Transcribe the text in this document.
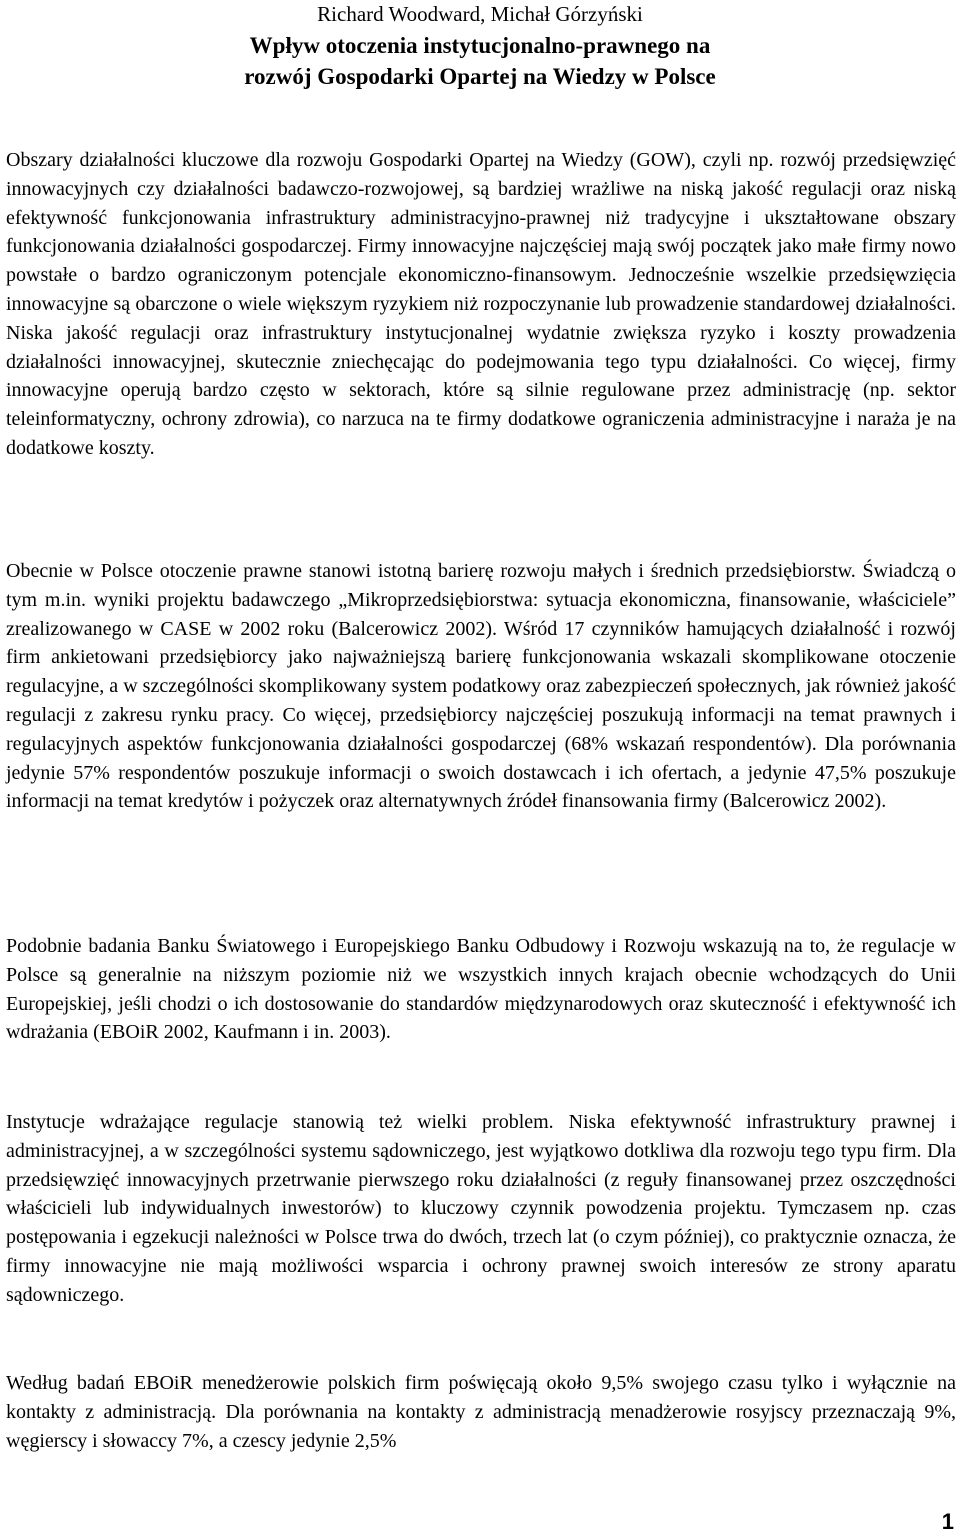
Richard Woodward, Michał Górzyński
Wpływ otoczenia instytucjonalno-prawnego na
rozwój Gospodarki Opartej na Wiedzy w Polsce

Obszary działalności kluczowe dla rozwoju Gospodarki Opartej na Wiedzy (GOW), czyli np. rozwój przedsięwzięć innowacyjnych czy działalności badawczo-rozwojowej, są bardziej wrażliwe na niską jakość regulacji oraz niską efektywność funkcjonowania infrastruktury administracyjno-prawnej niż tradycyjne i ukształtowane obszary funkcjonowania działalności gospodarczej. Firmy innowacyjne najczęściej mają swój początek jako małe firmy nowo powstałe o bardzo ograniczonym potencjale ekonomiczno-finansowym. Jednocześnie wszelkie przedsięwzięcia innowacyjne są obarczone o wiele większym ryzykiem niż rozpoczynanie lub prowadzenie standardowej działalności. Niska jakość regulacji oraz infrastruktury instytucjonalnej wydatnie zwiększa ryzyko i koszty prowadzenia działalności innowacyjnej, skutecznie zniechęcając do podejmowania tego typu działalności. Co więcej, firmy innowacyjne operują bardzo często w sektorach, które są silnie regulowane przez administrację (np. sektor teleinformatyczny, ochrony zdrowia), co narzuca na te firmy dodatkowe ograniczenia administracyjne i naraża je na dodatkowe koszty.

Obecnie w Polsce otoczenie prawne stanowi istotną barierę rozwoju małych i średnich przedsiębiorstw. Świadczą o tym m.in. wyniki projektu badawczego „Mikroprzedsiębiorstwa: sytuacja ekonomiczna, finansowanie, właściciele” zrealizowanego w CASE w 2002 roku (Balcerowicz 2002). Wśród 17 czynników hamujących działalność i rozwój firm ankietowani przedsiębiorcy jako najważniejszą barierę funkcjonowania wskazali skomplikowane otoczenie regulacyjne, a w szczególności skomplikowany system podatkowy oraz zabezpieczeń społecznych, jak również jakość regulacji z zakresu rynku pracy. Co więcej, przedsiębiorcy najczęściej poszukują informacji na temat prawnych i regulacyjnych aspektów funkcjonowania działalności gospodarczej (68% wskazań respondentów). Dla porównania jedynie 57% respondentów poszukuje informacji o swoich dostawcach i ich ofertach, a jedynie 47,5% poszukuje informacji na temat kredytów i pożyczek oraz alternatywnych źródeł finansowania firmy (Balcerowicz 2002).

Podobnie badania Banku Światowego i Europejskiego Banku Odbudowy i Rozwoju wskazują na to, że regulacje w Polsce są generalnie na niższym poziomie niż we wszystkich innych krajach obecnie wchodzących do Unii Europejskiej, jeśli chodzi o ich dostosowanie do standardów międzynarodowych oraz skuteczność i efektywność ich wdrażania (EBOiR 2002, Kaufmann i in. 2003).

Instytucje wdrażające regulacje stanowią też wielki problem. Niska efektywność infrastruktury prawnej i administracyjnej, a w szczególności systemu sądowniczego, jest wyjątkowo dotkliwa dla rozwoju tego typu firm. Dla przedsięwzięć innowacyjnych przetrwanie pierwszego roku działalności (z reguły finansowanej przez oszczędności właścicieli lub indywidualnych inwestorów) to kluczowy czynnik powodzenia projektu. Tymczasem np. czas postępowania i egzekucji należności w Polsce trwa do dwóch, trzech lat (o czym później), co praktycznie oznacza, że firmy innowacyjne nie mają możliwości wsparcia i ochrony prawnej swoich interesów ze strony aparatu sądowniczego.

Według badań EBOiR menedżerowie polskich firm poświęcają około 9,5% swojego czasu tylko i wyłącznie na kontakty z administracją. Dla porównania na kontakty z administracją menadżerowie rosyjscy przeznaczają 9%, węgierscy i słowaccy 7%, a czescy jedynie 2,5%

1
